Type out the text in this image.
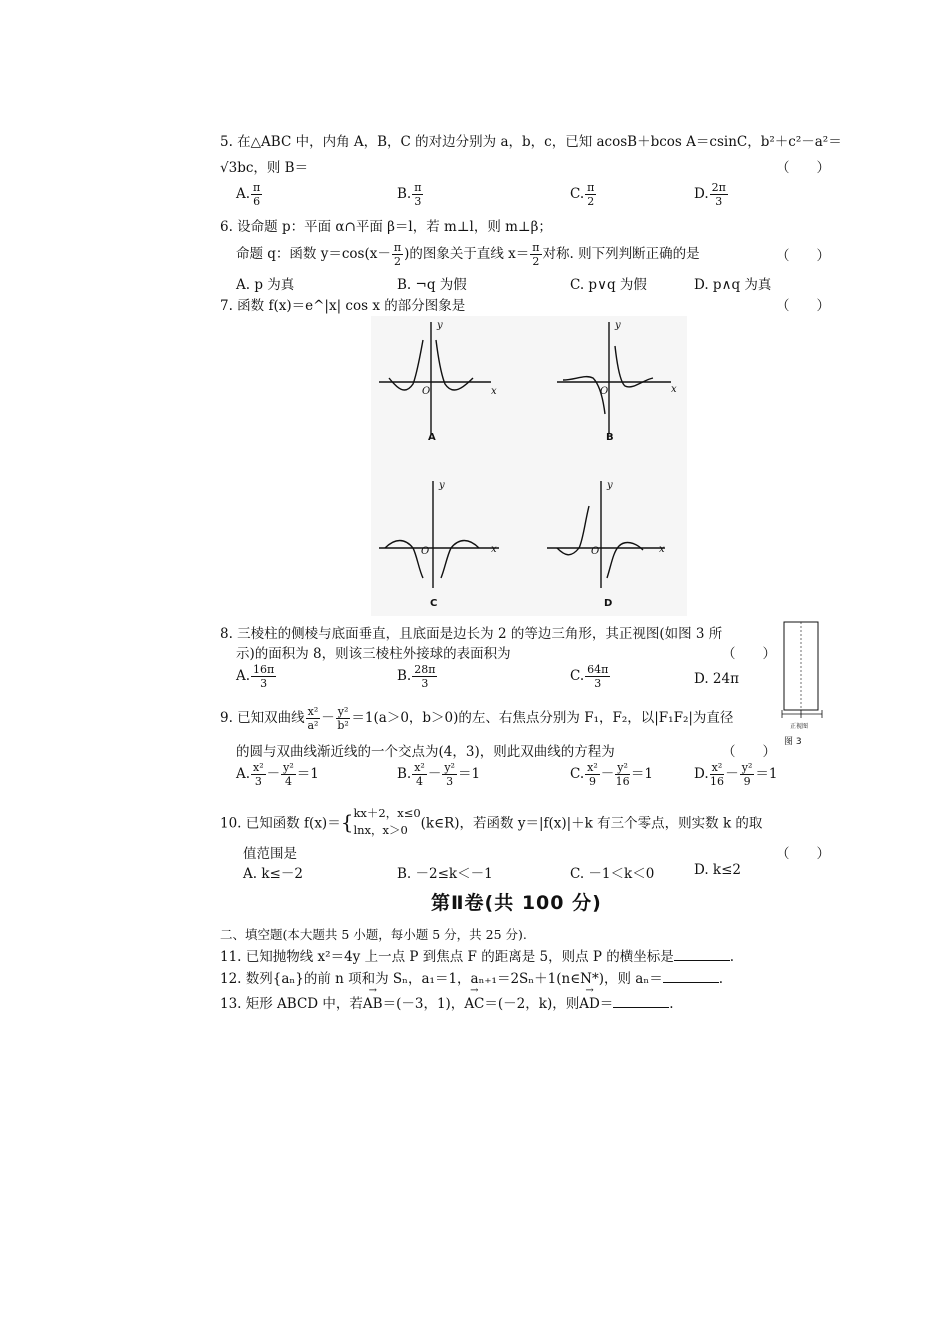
5. 在△ABC 中，内角 A，B，C 的对边分别为 a，b，c，已知 acosB＋bcos A＝csinC，b²＋c²－a²＝
√3bc，则 B＝	（　　）
A. $\frac{\pi}{6}$	B. $\frac{\pi}{3}$	C. $\frac{\pi}{2}$	D. $\frac{2\pi}{3}$
6. 设命题 p：平面 α∩平面 β＝l，若 m⊥l，则 m⊥β；
命题 q：函数 $y=\cos(x- \frac{\pi}{2}$ )的图象关于直线 $x= \frac{\pi}{2}$ 对称. 则下列判断正确的是	（　　）
A. p 为真	B. ¬q 为假	C. p∨q 为假	D. p∧q 为真
7. 函数 f(x)＝e^|x| cos x 的部分图象是	（　　）
y
x
O
y
x
O
y
x
O
y
x
O
A	B
C	D
8. 三棱柱的侧棱与底面垂直，且底面是边长为 2 的等边三角形，其正视图(如图 3 所
示)的面积为 8，则该三棱柱外接球的表面积为	（　　）
A. $\frac{16\pi}{3}$	B. $\frac{28\pi}{3}$	C. $\frac{64\pi}{3}$	D. 24π
正视图
图 3
9. 已知双曲线 $\frac{\text{x²}}{\text{a²}} - \frac{\text{y²}}{\text{b²}} =1(a>0$，b＞0)的左、右焦点分别为 F₁，F₂，以|F₁F₂|为直径
的圆与双曲线渐近线的一个交点为(4，3)，则此双曲线的方程为	（　　）
A. $\frac{\text{x²}}{3} - \frac{\text{y²}}{4} =1$	B. $\frac{\text{x²}}{4} - \frac{\text{y²}}{3} =1$	C. $\frac{\text{x²}}{9} - \frac{\text{y²}}{16} =1$	D. $\frac{\text{x²}}{16} - \frac{\text{y²}}{9} =1$
10. 已知函数 f(x)＝{ kx＋2，x≤0
lnx，x＞0 (k∈R)，若函数 y＝|f(x)|＋k 有三个零点，则实数 k 的取
值范围是	（　　）
A. k≤－2	B. －2≤k＜－1	C. －1＜k＜0	D. k≤2
第Ⅱ卷(共 100 分)
二、填空题(本大题共 5 小题，每小题 5 分，共 25 分).
11. 已知抛物线 x²＝4y 上一点 P 到焦点 F 的距离是 5，则点 P 的横坐标是	.
12. 数列{aₙ}的前 n 项和为 Sₙ，a₁＝1，aₙ₊₁＝2Sₙ＋1(n∈N*)，则 aₙ＝	.
13. 矩形 ABCD 中，若→ AB＝(－3，1)，→ AC＝(－2，k)，则→ AD＝	.
